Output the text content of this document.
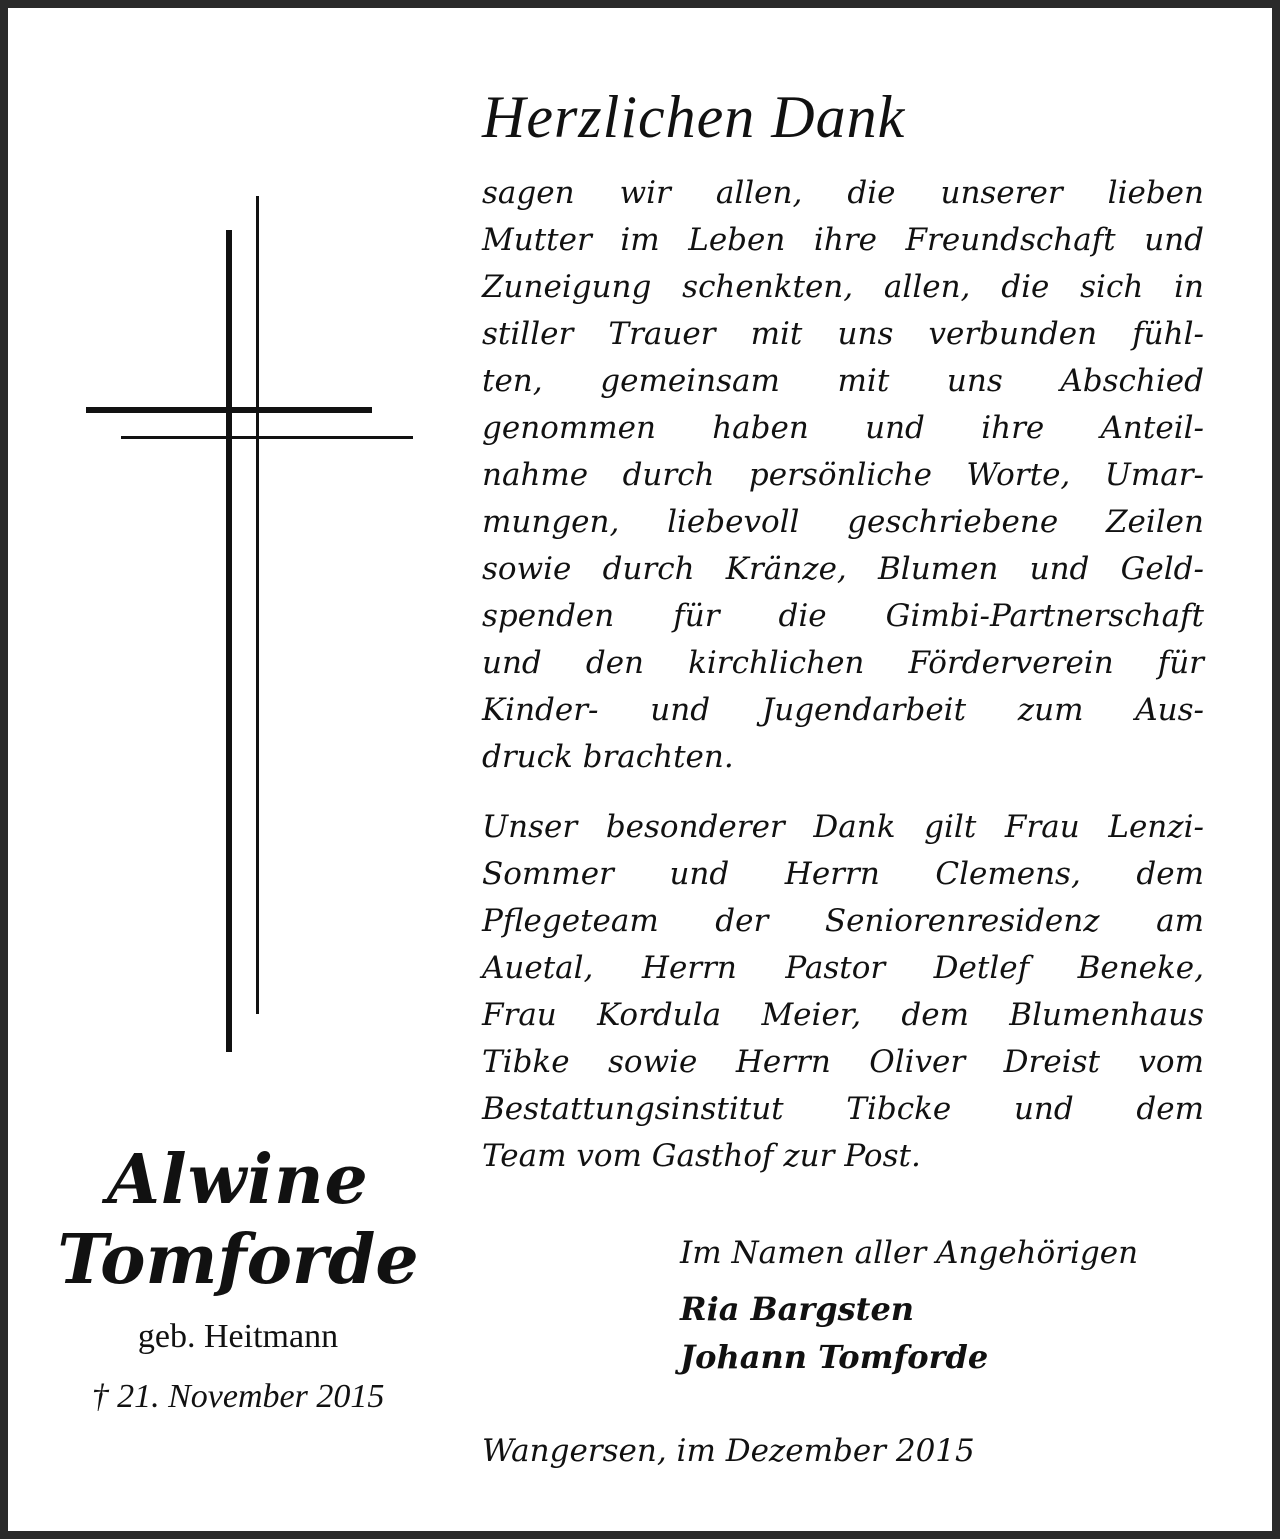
Alwine
Tomforde
geb. Heitmann
† 21. November 2015
Herzlichen Dank
sagen wir allen, die unserer lieben
Mutter im Leben ihre Freundschaft und
Zuneigung schenkten, allen, die sich in
stiller Trauer mit uns verbunden fühl-
ten, gemeinsam mit uns Abschied
genommen haben und ihre Anteil-
nahme durch persönliche Worte, Umar-
mungen, liebevoll geschriebene Zeilen
sowie durch Kränze, Blumen und Geld-
spenden für die Gimbi-Partnerschaft
und den kirchlichen Förderverein für
Kinder- und Jugendarbeit zum Aus-
druck brachten.
Unser besonderer Dank gilt Frau Lenzi-
Sommer und Herrn Clemens, dem
Pflegeteam der Seniorenresidenz am
Auetal, Herrn Pastor Detlef Beneke,
Frau Kordula Meier, dem Blumenhaus
Tibke sowie Herrn Oliver Dreist vom
Bestattungsinstitut Tibcke und dem
Team vom Gasthof zur Post.
Im Namen aller Angehörigen
Ria Bargsten
Johann Tomforde
Wangersen, im Dezember 2015
